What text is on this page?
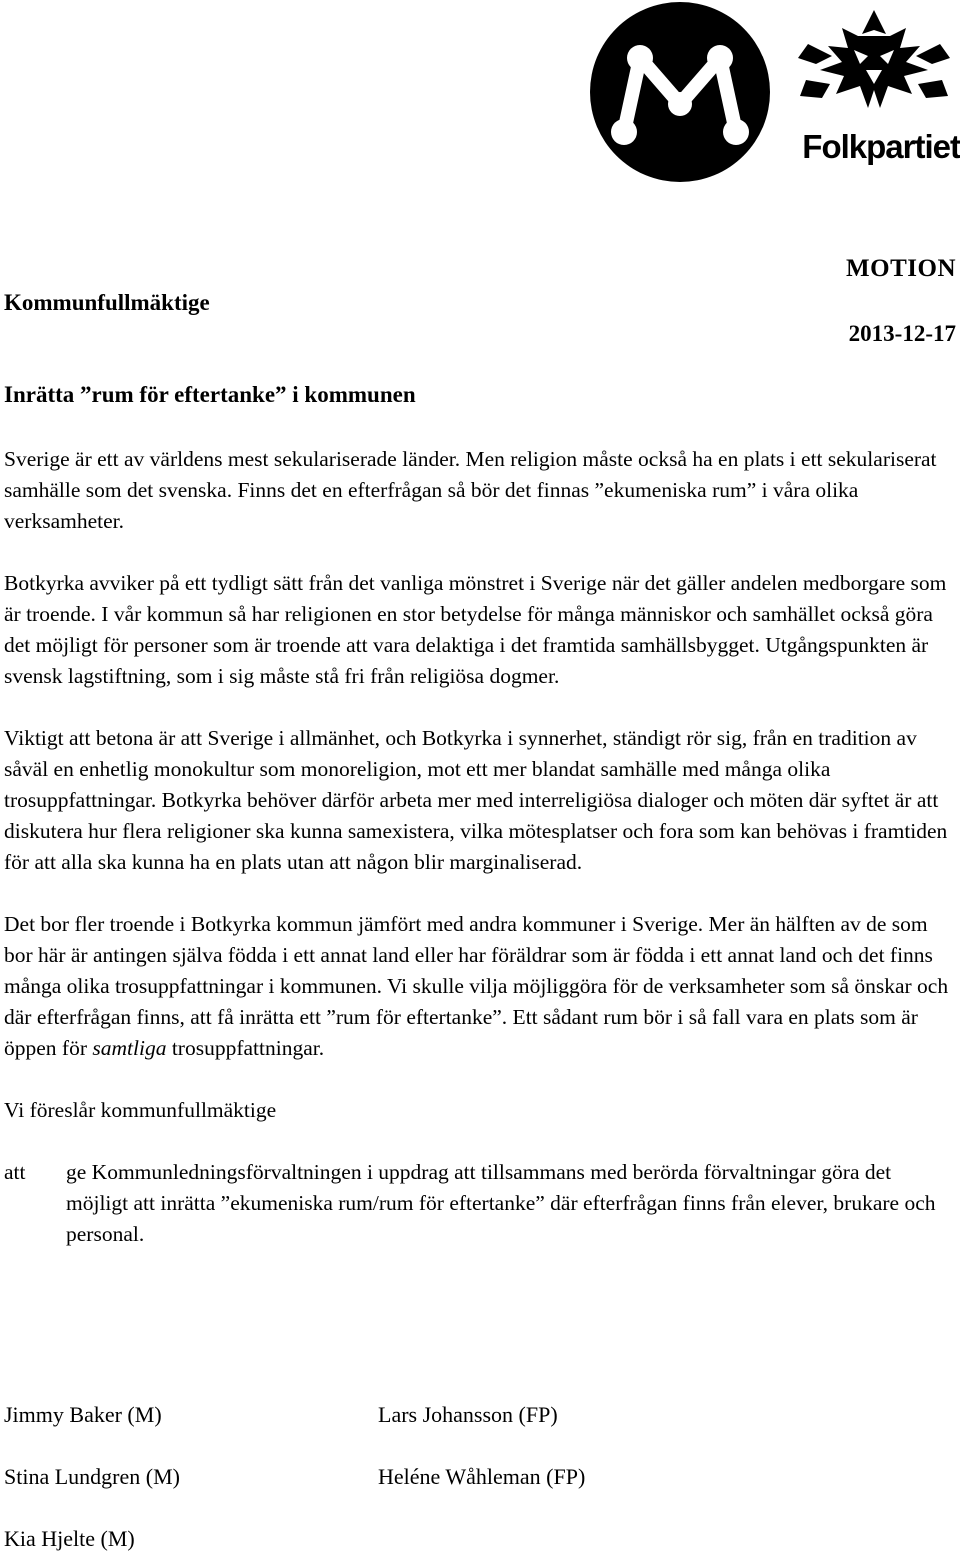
Folkpartiet
MOTION
Kommunfullmäktige
2013-12-17
Inrätta ”rum för eftertanke” i kommunen

Sverige är ett av världens mest sekulariserade länder. Men religion måste också ha en plats i ett sekulariserat samhälle som det svenska. Finns det en efterfrågan så bör det finnas ”ekumeniska rum” i våra olika verksamheter.

Botkyrka avviker på ett tydligt sätt från det vanliga mönstret i Sverige när det gäller andelen medborgare som är troende. I vår kommun så har religionen en stor betydelse för många människor och samhället också göra det möjligt för personer som är troende att vara delaktiga i det framtida samhällsbygget. Utgångspunkten är svensk lagstiftning, som i sig måste stå fri från religiösa dogmer.

Viktigt att betona är att Sverige i allmänhet, och Botkyrka i synnerhet, ständigt rör sig, från en tradition av såväl en enhetlig monokultur som monoreligion, mot ett mer blandat samhälle med många olika trosuppfattningar. Botkyrka behöver därför arbeta mer med interreligiösa dialoger och möten där syftet är att diskutera hur flera religioner ska kunna samexistera, vilka mötesplatser och fora som kan behövas i framtiden för att alla ska kunna ha en plats utan att någon blir marginaliserad.

Det bor fler troende i Botkyrka kommun jämfört med andra kommuner i Sverige. Mer än hälften av de som bor här är antingen själva födda i ett annat land eller har föräldrar som är födda i ett annat land och det finns många olika trosuppfattningar i kommunen. Vi skulle vilja möjliggöra för de verksamheter som så önskar och där efterfrågan finns, att få inrätta ett ”rum för eftertanke”. Ett sådant rum bör i så fall vara en plats som är öppen för samtliga trosuppfattningar.

Vi föreslår kommunfullmäktige

att	ge Kommunledningsförvaltningen i uppdrag att tillsammans med berörda förvaltningar göra det möjligt att inrätta ”ekumeniska rum/rum för eftertanke” där efterfrågan finns från elever, brukare och personal.
Jimmy Baker (M)	Lars Johansson (FP)
Stina Lundgren (M)	Heléne Wåhleman (FP)
Kia Hjelte (M)
